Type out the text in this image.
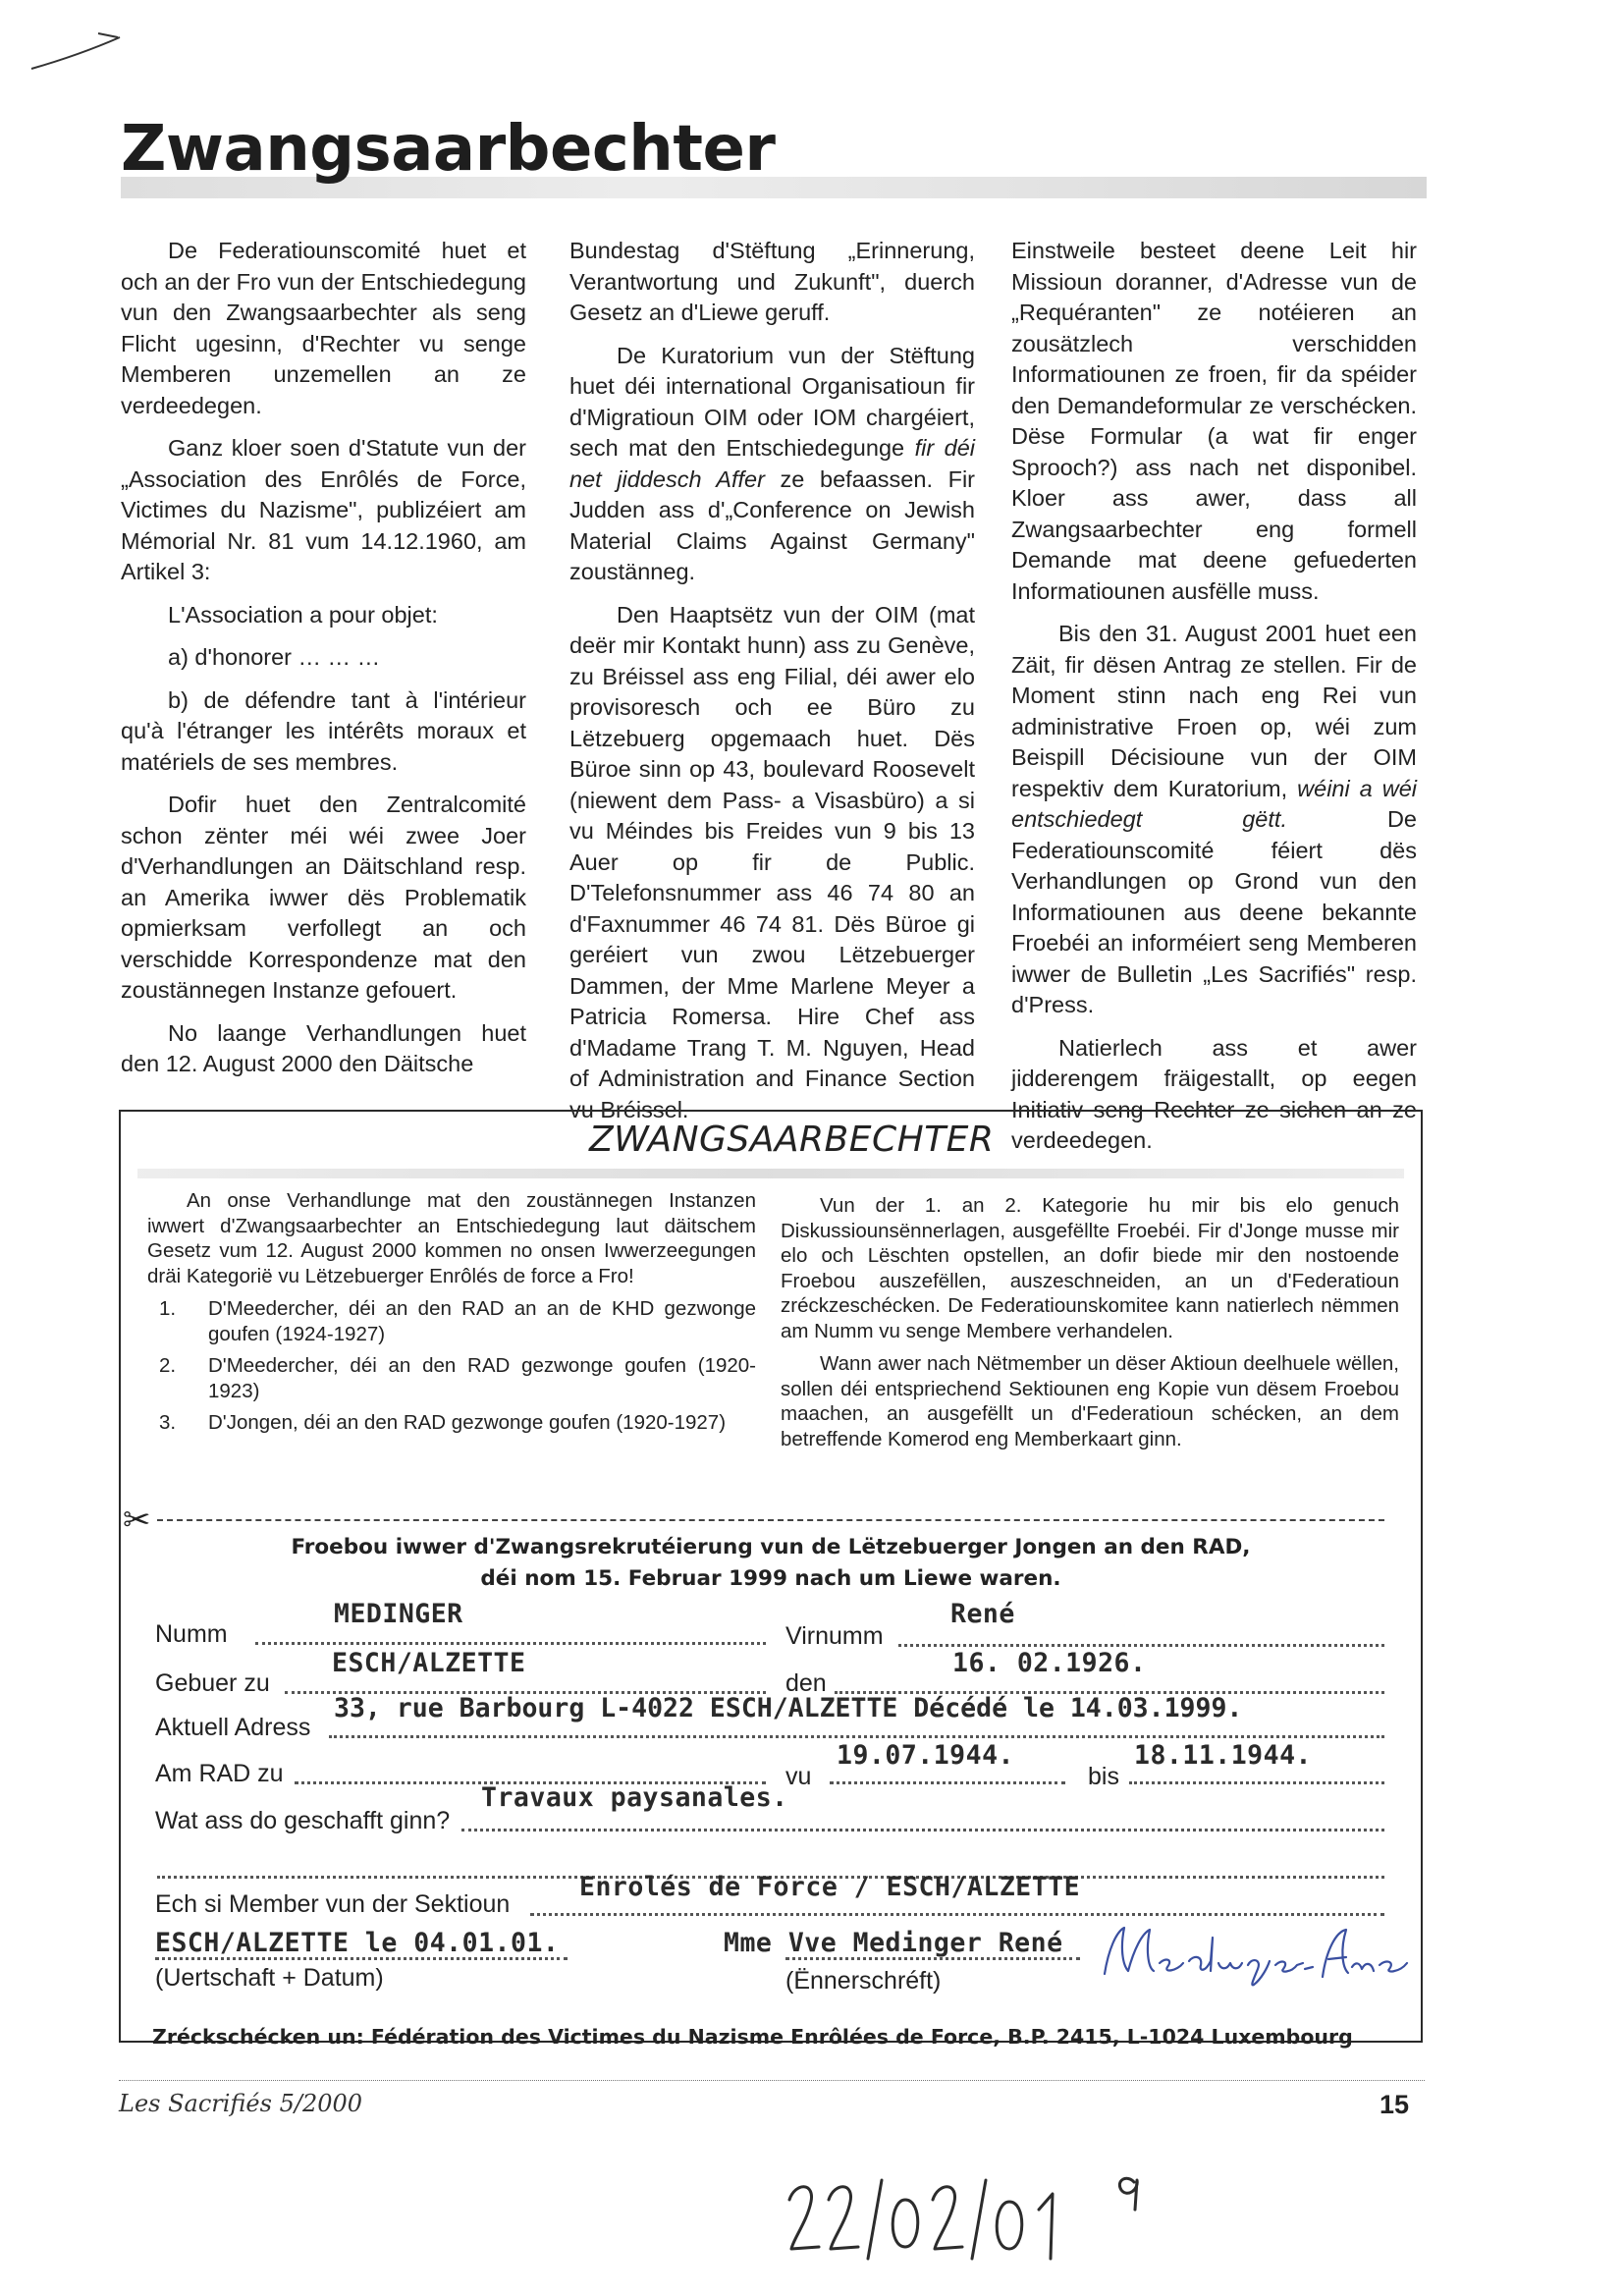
Zwangsaarbechter

De Federatiounscomité huet et och an der Fro vun der Entschiedegung vun den Zwangsaarbechter als seng Flicht ugesinn, d'Rechter vu senge Memberen unzemellen an ze verdeedegen.

Ganz kloer soen d'Statute vun der „Association des Enrôlés de Force, Victimes du Nazisme", publizéiert am Mémorial Nr. 81 vum 14.12.1960, am Artikel 3:

L'Association a pour objet:

a) d'honorer … … …

b) de défendre tant à l'intérieur qu'à l'étranger les intérêts moraux et matériels de ses membres.

Dofir huet den Zentralcomité schon zënter méi wéi zwee Joer d'Verhandlungen an Däitschland resp. an Amerika iwwer dës Problematik opmierksam verfollegt an och verschidde Korrespondenze mat den zoustännegen Instanze gefouert.

No laange Verhandlungen huet den 12. August 2000 den Däitsche

Bundestag d'Stëftung „Erinnerung, Verantwortung und Zukunft", duerch Gesetz an d'Liewe geruff.

De Kuratorium vun der Stëftung huet déi international Organisatioun fir d'Migratioun OIM oder IOM chargéiert, sech mat den Entschiedegunge fir déi net jiddesch Affer ze befaassen. Fir Judden ass d'„Conference on Jewish Material Claims Against Germany" zoustänneg.

Den Haaptsëtz vun der OIM (mat deër mir Kontakt hunn) ass zu Genève, zu Bréissel ass eng Filial, déi awer elo provisoresch och ee Büro zu Lëtzebuerg opgemaach huet. Dës Büroe sinn op 43, boulevard Roosevelt (niewent dem Pass- a Visasbüro) a si vu Méindes bis Freides vun 9 bis 13 Auer op fir de Public. D'Telefonsnummer ass 46 74 80 an d'Faxnummer 46 74 81. Dës Büroe gi geréiert vun zwou Lëtzebuerger Dammen, der Mme Marlene Meyer a Patricia Romersa. Hire Chef ass d'Madame Trang T. M. Nguyen, Head of Administration and Finance Section vu Bréissel.

Einstweile besteet deene Leit hir Missioun doranner, d'Adresse vun de „Requéranten" ze notéieren an zousätzlech verschidden Informatiounen ze froen, fir da spéider den Demandeformular ze verschécken. Dëse Formular (a wat fir enger Sprooch?) ass nach net disponibel. Kloer ass awer, dass all Zwangsaarbechter eng formell Demande mat deene gefuederten Informatiounen ausfëlle muss.

Bis den 31. August 2001 huet een Zäit, fir dësen Antrag ze stellen. Fir de Moment stinn nach eng Rei vun administrative Froen op, wéi zum Beispill Décisioune vun der OIM respektiv dem Kuratorium, wéini a wéi entschiedegt gëtt.	De Federatiounscomité féiert dës Verhandlungen op Grond vun den Informatiounen aus deene bekannte Froebéi an informéiert seng Memberen iwwer de Bulletin „Les Sacrifiés" resp. d'Press.

Natierlech ass et awer jidderengem fräigestallt, op eegen Initiativ seng Rechter ze sichen an ze verdeedegen.

ZWANGSAARBECHTER

An onse Verhandlunge mat den zoustännegen Instanzen iwwert d'Zwangsaarbechter an Entschiedegung laut däitschem Gesetz vum 12. August 2000 kommen no onsen Iwwerzeegungen dräi Kategorië vu Lëtzebuerger Enrôlés de force a Fro!

1.	D'Meedercher, déi an den RAD an an de KHD gezwonge goufen (1924-1927)
2.	D'Meedercher, déi an den RAD gezwonge goufen (1920-1923)
3.	D'Jongen, déi an den RAD gezwonge goufen (1920-1927)

Vun der 1. an 2. Kategorie hu mir bis elo genuch Diskussiounsënnerlagen, ausgefëllte Froebéi. Fir d'Jonge musse mir elo och Lëschten opstellen, an dofir biede mir den nostoende Froebou auszefëllen, auszeschneiden, an un d'Federatioun zréckzeschécken. De Federatiounskomitee kann natierlech nëmmen am Numm vu senge Membere verhandelen.

Wann awer nach Nëtmember un dëser Aktioun deelhuele wëllen, sollen déi entspriechend Sektiounen eng Kopie vun dësem Froebou maachen, an ausgefëllt un d'Federatioun schécken, an dem betreffende Komerod eng Memberkaart ginn.

✂
Froebou iwwer d'Zwangsrekrutéierung vun de Lëtzebuerger Jongen an den RAD,
déi nom 15. Februar 1999 nach um Liewe waren.
Numm
MEDINGER
Virnumm
René
Gebuer zu
ESCH/ALZETTE
den
16. 02.1926.
Aktuell Adress
33, rue Barbourg L-4022 ESCH/ALZETTE Décédé le 14.03.1999.
Am RAD zu	vu
19.07.1944.
bis
18.11.1944.
Wat ass do geschafft ginn?
Travaux paysanales.
Ech si Member vun der Sektioun
Enrolés de Force / ESCH/ALZETTE
ESCH/ALZETTE le 04.01.01.	Mme Vve Medinger René
(Uertschaft + Datum)	(Ënnerschréft)
Zréckschécken un: Fédération des Victimes du Nazisme Enrôlées de Force, B.P. 2415, L-1024 Luxembourg
Les Sacrifiés 5/2000	15
